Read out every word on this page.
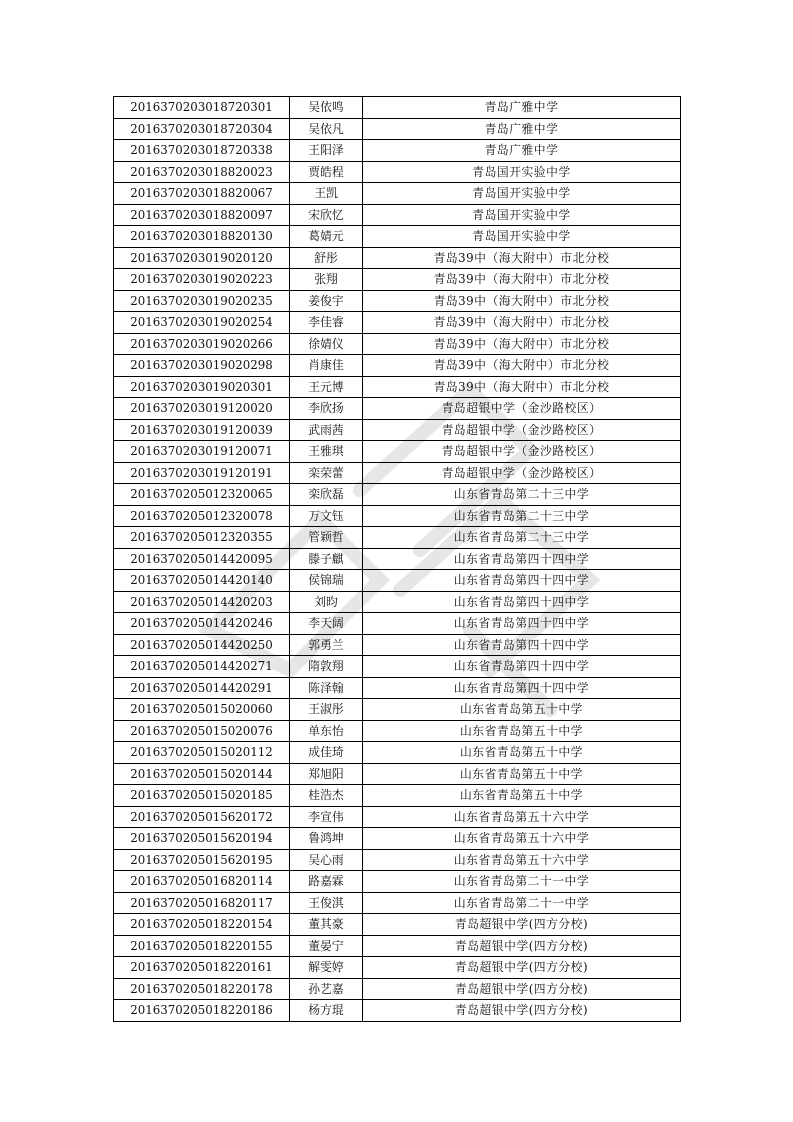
2016370203018720301	吴依鸣	青岛广雅中学
2016370203018720304	吴依凡	青岛广雅中学
2016370203018720338	王阳泽	青岛广雅中学
2016370203018820023	贾皓程	青岛国开实验中学
2016370203018820067	王凯	青岛国开实验中学
2016370203018820097	宋欣忆	青岛国开实验中学
2016370203018820130	葛婧元	青岛国开实验中学
2016370203019020120	舒彤	青岛39中（海大附中）市北分校
2016370203019020223	张翔	青岛39中（海大附中）市北分校
2016370203019020235	姜俊宇	青岛39中（海大附中）市北分校
2016370203019020254	李佳睿	青岛39中（海大附中）市北分校
2016370203019020266	徐婧仪	青岛39中（海大附中）市北分校
2016370203019020298	肖康佳	青岛39中（海大附中）市北分校
2016370203019020301	王元博	青岛39中（海大附中）市北分校
2016370203019120020	李欣扬	青岛超银中学（金沙路校区）
2016370203019120039	武雨茜	青岛超银中学（金沙路校区）
2016370203019120071	王雅琪	青岛超银中学（金沙路校区）
2016370203019120191	栾荣蕾	青岛超银中学（金沙路校区）
2016370205012320065	栾欣磊	山东省青岛第二十三中学
2016370205012320078	万文钰	山东省青岛第二十三中学
2016370205012320355	管颖哲	山东省青岛第二十三中学
2016370205014420095	滕子麒	山东省青岛第四十四中学
2016370205014420140	侯锦瑞	山东省青岛第四十四中学
2016370205014420203	刘昀	山东省青岛第四十四中学
2016370205014420246	李天阔	山东省青岛第四十四中学
2016370205014420250	郭勇兰	山东省青岛第四十四中学
2016370205014420271	隋敦翔	山东省青岛第四十四中学
2016370205014420291	陈泽翰	山东省青岛第四十四中学
2016370205015020060	王淑彤	山东省青岛第五十中学
2016370205015020076	单东怡	山东省青岛第五十中学
2016370205015020112	成佳琦	山东省青岛第五十中学
2016370205015020144	郑旭阳	山东省青岛第五十中学
2016370205015020185	桂浩杰	山东省青岛第五十中学
2016370205015620172	李宣伟	山东省青岛第五十六中学
2016370205015620194	鲁鸿坤	山东省青岛第五十六中学
2016370205015620195	吴心雨	山东省青岛第五十六中学
2016370205016820114	路嘉霖	山东省青岛第二十一中学
2016370205016820117	王俊淇	山东省青岛第二十一中学
2016370205018220154	董其豪	青岛超银中学(四方分校)
2016370205018220155	董晏宁	青岛超银中学(四方分校)
2016370205018220161	解雯婷	青岛超银中学(四方分校)
2016370205018220178	孙艺嘉	青岛超银中学(四方分校)
2016370205018220186	杨方琨	青岛超银中学(四方分校)
